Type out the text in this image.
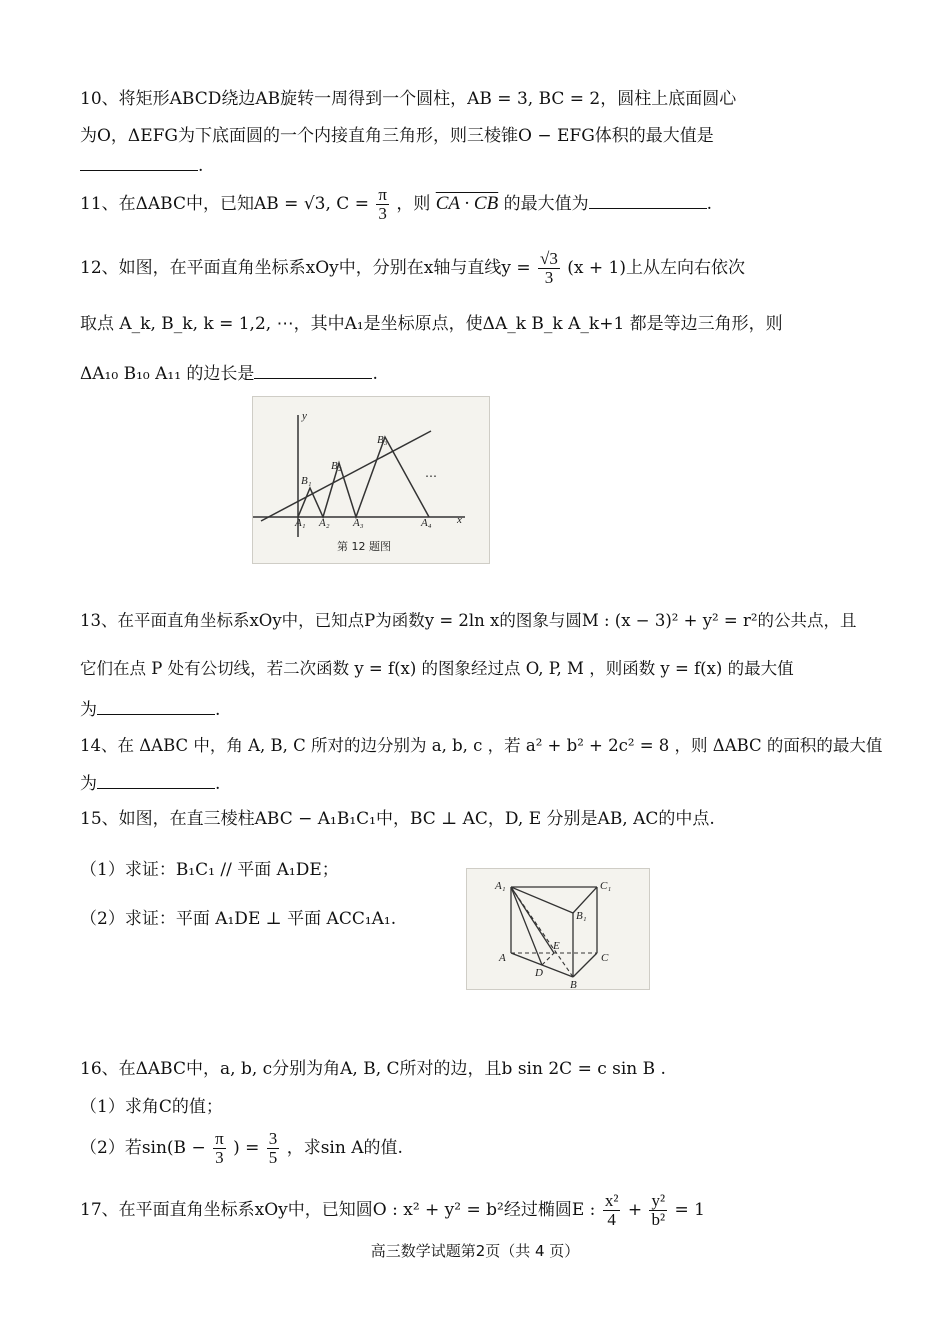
10、将矩形ABCD绕边AB旋转一周得到一个圆柱，AB = 3, BC = 2，圆柱上底面圆心
为O，ΔEFG为下底面圆的一个内接直角三角形，则三棱锥O − EFG体积的最大值是
.
11、在ΔABC中，已知AB = √3, $C = \frac{\pi}{3}$ ，则 CA · CB 的最大值为	.
12、如图，在平面直角坐标系xOy中，分别在x轴与直线$y = \frac{√3}{3} (x + 1)$上从左向右依次
取点 A_k, B_k, k = 1,2, ⋯，其中A₁是坐标原点，使ΔA_k B_k A_k+1 都是等边三角形，则
ΔA₁₀ B₁₀ A₁₁ 的边长是	.
A₁ A₂ A₃	A₄
B₁
B₂
B₃
…
y
x
第 12 题图
13、在平面直角坐标系xOy中，已知点P为函数y = 2ln x的图象与圆M : (x − 3)² + y² = r²的公共点，且
它们在点 P 处有公切线，若二次函数 y = f(x) 的图象经过点 O, P, M ，则函数 y = f(x) 的最大值
为	.
14、在 ΔABC 中，角 A, B, C 所对的边分别为 a, b, c ，若 a² + b² + 2c² = 8 ，则 ΔABC 的面积的最大值
为	.
15、如图，在直三棱柱ABC − A₁B₁C₁中，BC ⊥ AC，D, E 分别是AB, AC的中点.
（1）求证：B₁C₁ // 平面 A₁DE；
（2）求证：平面 A₁DE ⊥ 平面 ACC₁A₁.
A₁	C₁
B₁
A	C
B
D
E
16、在ΔABC中，a, b, c分别为角A, B, C所对的边，且b sin 2C = c sin B .
（1）求角C的值；
（2）若$\sin(B - \frac{\pi}{3}$ ) = $\frac{3}{5}$ ，求sin A的值.
17、在平面直角坐标系xOy中，已知圆O : x² + y² = b²经过椭圆E : $\frac{\text{x²}}{4} + \frac{\text{y²}}{\text{b²}} = 1$
高三数学试题第2页（共 4 页）
